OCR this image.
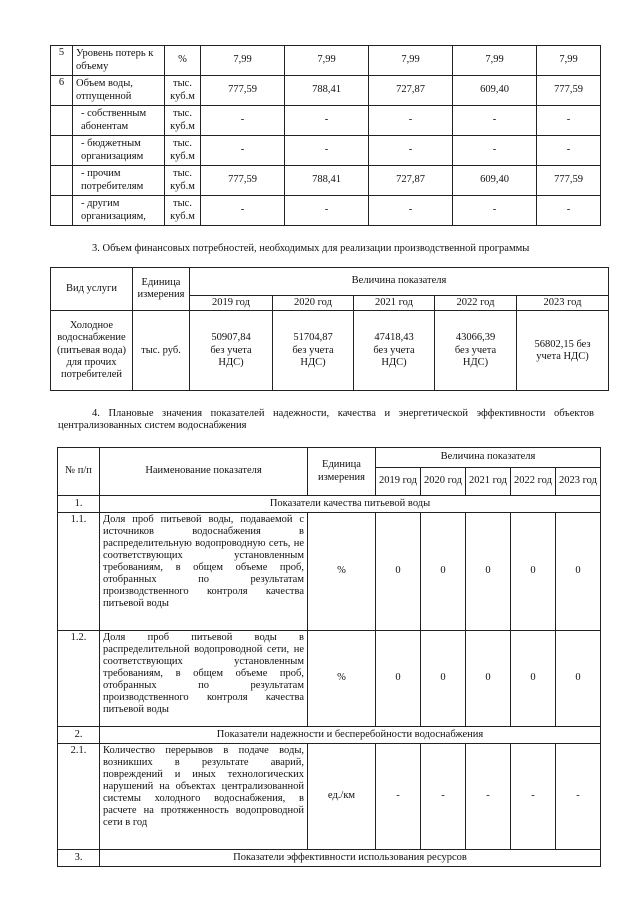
5	Уровень потерь к объему	%	7,99	7,99	7,99	7,99	7,99
6	Объем воды, отпущенной	тыс. куб.м	777,59	788,41	727,87	609,40	777,59
	- собственным абонентам	тыс. куб.м	-	-	-	-	-
	- бюджетным организациям	тыс. куб.м	-	-	-	-	-
	- прочим потребителям	тыс. куб.м	777,59	788,41	727,87	609,40	777,59
	- другим организациям,	тыс. куб.м	-	-	-	-	-

3. Объем финансовых потребностей, необходимых для реализации производственной программы

Вид услуги	Единица измерения	Величина показателя				
		2019 год	2020 год	2021 год	2022 год	2023 год
Холодное водоснабжение (питьевая вода) для прочих потребителей	тыс. руб.	50907,84 без учета НДС)	51704,87 без учета НДС)	47418,43 без учета НДС)	43066,39 без учета НДС)	56802,15 без учета НДС)

4. Плановые значения показателей надежности, качества и энергетической эффективности объектов централизованных систем водоснабжения

№ п/п	Наименование показателя	Единица измерения	Величина показателя				
			2019 год	2020 год	2021 год	2022 год	2023 год
1.	Показатели качества питьевой воды						
1.1.	Доля проб питьевой воды, подаваемой с источников водоснабжения в распределительную водопроводную сеть, не соответствующих установленным требованиям, в общем объеме проб, отобранных по результатам производственного контроля качества питьевой воды	%	0	0	0	0	0
1.2.	Доля проб питьевой воды в распределительной водопроводной сети, не соответствующих установленным требованиям, в общем объеме проб, отобранных по результатам производственного контроля качества питьевой воды	%	0	0	0	0	0
2.	Показатели надежности и бесперебойности водоснабжения						
2.1.	Количество перерывов в подаче воды, возникших в результате аварий, повреждений и иных технологических нарушений на объектах централизованной системы холодного водоснабжения, в расчете на протяженность водопроводной сети в год	ед./км	-	-	-	-	-
3.	Показатели эффективности использования ресурсов						
